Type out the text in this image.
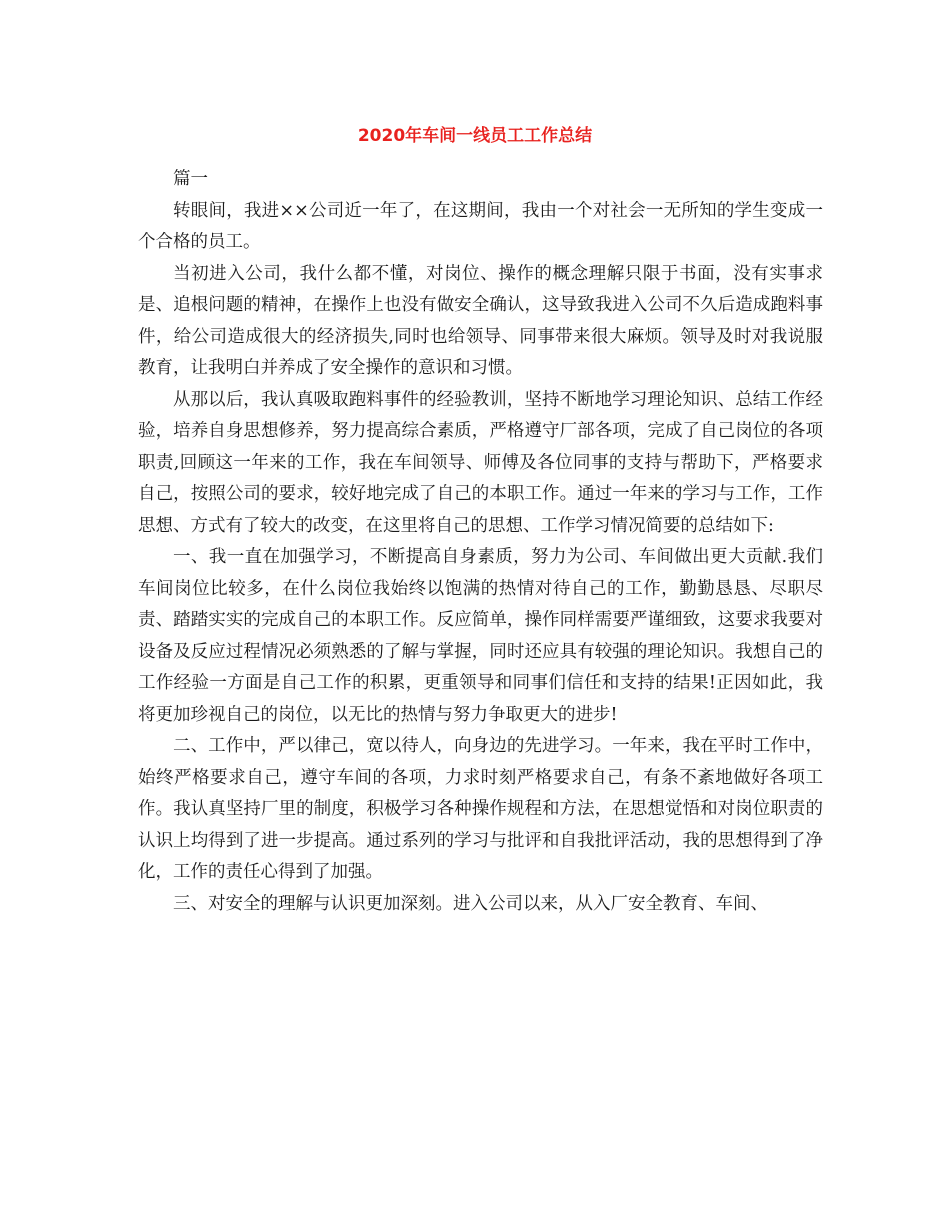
2020年车间一线员工工作总结

篇一

转眼间，我进××公司近一年了，在这期间，我由一个对社会一无所知的学生变成一个合格的员工。

当初进入公司，我什么都不懂，对岗位、操作的概念理解只限于书面，没有实事求是、追根问题的精神，在操作上也没有做安全确认，这导致我进入公司不久后造成跑料事件，给公司造成很大的经济损失,同时也给领导、同事带来很大麻烦。领导及时对我说服教育，让我明白并养成了安全操作的意识和习惯。

从那以后，我认真吸取跑料事件的经验教训，坚持不断地学习理论知识、总结工作经验，培养自身思想修养，努力提高综合素质，严格遵守厂部各项，完成了自己岗位的各项职责,回顾这一年来的工作，我在车间领导、师傅及各位同事的支持与帮助下，严格要求自己，按照公司的要求，较好地完成了自己的本职工作。通过一年来的学习与工作，工作思想、方式有了较大的改变，在这里将自己的思想、工作学习情况简要的总结如下:

一、我一直在加强学习，不断提高自身素质，努力为公司、车间做出更大贡献.我们车间岗位比较多，在什么岗位我始终以饱满的热情对待自己的工作，勤勤恳恳、尽职尽责、踏踏实实的完成自己的本职工作。反应简单，操作同样需要严谨细致，这要求我要对设备及反应过程情况必须熟悉的了解与掌握，同时还应具有较强的理论知识。我想自己的工作经验一方面是自己工作的积累，更重领导和同事们信任和支持的结果!正因如此，我将更加珍视自己的岗位，以无比的热情与努力争取更大的进步!

二、工作中，严以律己，宽以待人，向身边的先进学习。一年来，我在平时工作中，始终严格要求自己，遵守车间的各项，力求时刻严格要求自己，有条不紊地做好各项工作。我认真坚持厂里的制度，积极学习各种操作规程和方法，在思想觉悟和对岗位职责的认识上均得到了进一步提高。通过系列的学习与批评和自我批评活动，我的思想得到了净化，工作的责任心得到了加强。

三、对安全的理解与认识更加深刻。进入公司以来，从入厂安全教育、车间、
